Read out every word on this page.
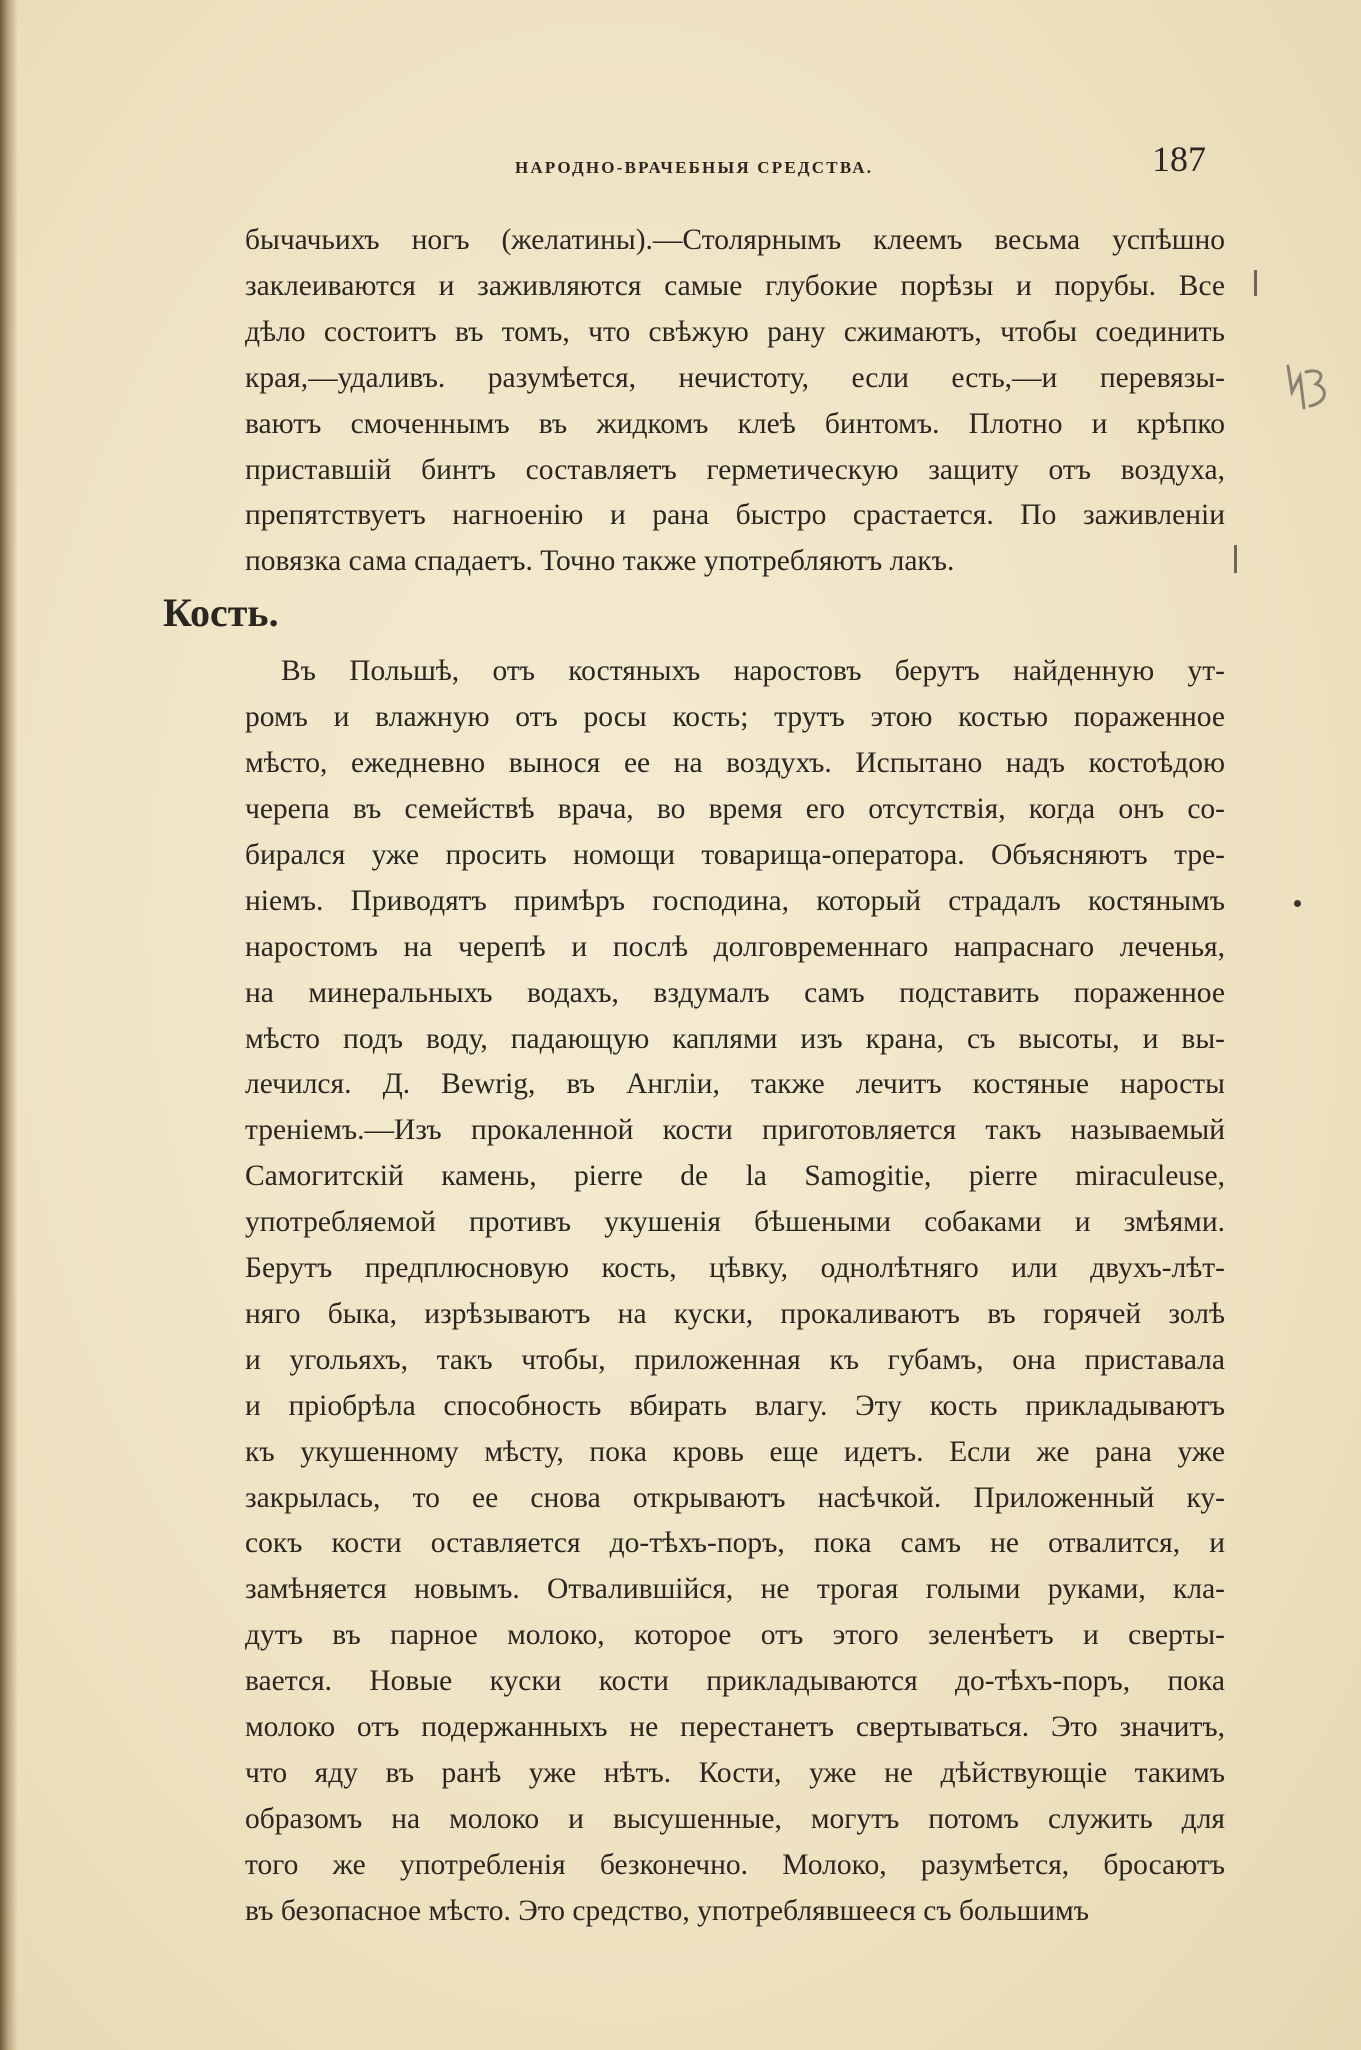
НАРОДНО-ВРАЧЕБНЫЯ СРЕДСТВА.	187

бычачьихъ ногъ (желатины).—Столярнымъ клеемъ весьма успѣшно
заклеиваются и заживляются самые глубокие порѣзы и порубы. Все
дѣло состоитъ въ томъ, что свѣжую рану сжимаютъ, чтобы соединить
края,—удаливъ. разумѣется, нечистоту, если есть,—и перевязы-
ваютъ смоченнымъ въ жидкомъ клеѣ бинтомъ. Плотно и крѣпко
приставшій бинтъ составляетъ герметическую защиту отъ воздуха,
препятствуетъ нагноенію и рана быстро срастается. По заживленіи
повязка сама спадаетъ. Точно также употребляютъ лакъ.

Кость.

Въ Польшѣ, отъ костяныхъ наростовъ берутъ найденную ут-
ромъ и влажную отъ росы кость; трутъ этою костью пораженное
мѣсто, ежедневно вынося ее на воздухъ. Испытано надъ костоѣдою
черепа въ семействѣ врача, во время его отсутствія, когда онъ со-
бирался уже просить номощи товарища-оператора. Объясняютъ тре-
ніемъ. Приводятъ примѣръ господина, который страдалъ костянымъ
наростомъ на черепѣ и послѣ долговременнаго напраснаго леченья,
на минеральныхъ водахъ, вздумалъ самъ подставить пораженное
мѣсто подъ воду, падающую каплями изъ крана, съ высоты, и вы-
лечился. Д. Bewrig, въ Англіи, также лечитъ костяные наросты
треніемъ.—Изъ прокаленной кости приготовляется такъ называемый
Самогитскій камень, pierre de la Samogitie, pierre miraculeuse,
употребляемой противъ укушенія бѣшеными собаками и змѣями.
Берутъ предплюсновую кость, цѣвку, однолѣтняго или двухъ-лѣт-
няго быка, изрѣзываютъ на куски, прокаливаютъ въ горячей золѣ
и угольяхъ, такъ чтобы, приложенная къ губамъ, она приставала
и пріобрѣла способность вбирать влагу. Эту кость прикладываютъ
къ укушенному мѣсту, пока кровь еще идетъ. Если же рана уже
закрылась, то ее снова открываютъ насѣчкой. Приложенный ку-
сокъ кости оставляется до-тѣхъ-поръ, пока самъ не отвалится, и
замѣняется новымъ. Отвалившійся, не трогая голыми руками, кла-
дутъ въ парное молоко, которое отъ этого зеленѣетъ и сверты-
вается. Новые куски кости прикладываются до-тѣхъ-поръ, пока
молоко отъ подержанныхъ не перестанетъ свертываться. Это значитъ,
что яду въ ранѣ уже нѣтъ. Кости, уже не дѣйствующіе такимъ
образомъ на молоко и высушенные, могутъ потомъ служить для
того же употребленія безконечно. Молоко, разумѣется, бросаютъ
въ безопасное мѣсто. Это средство, употреблявшееся съ большимъ
